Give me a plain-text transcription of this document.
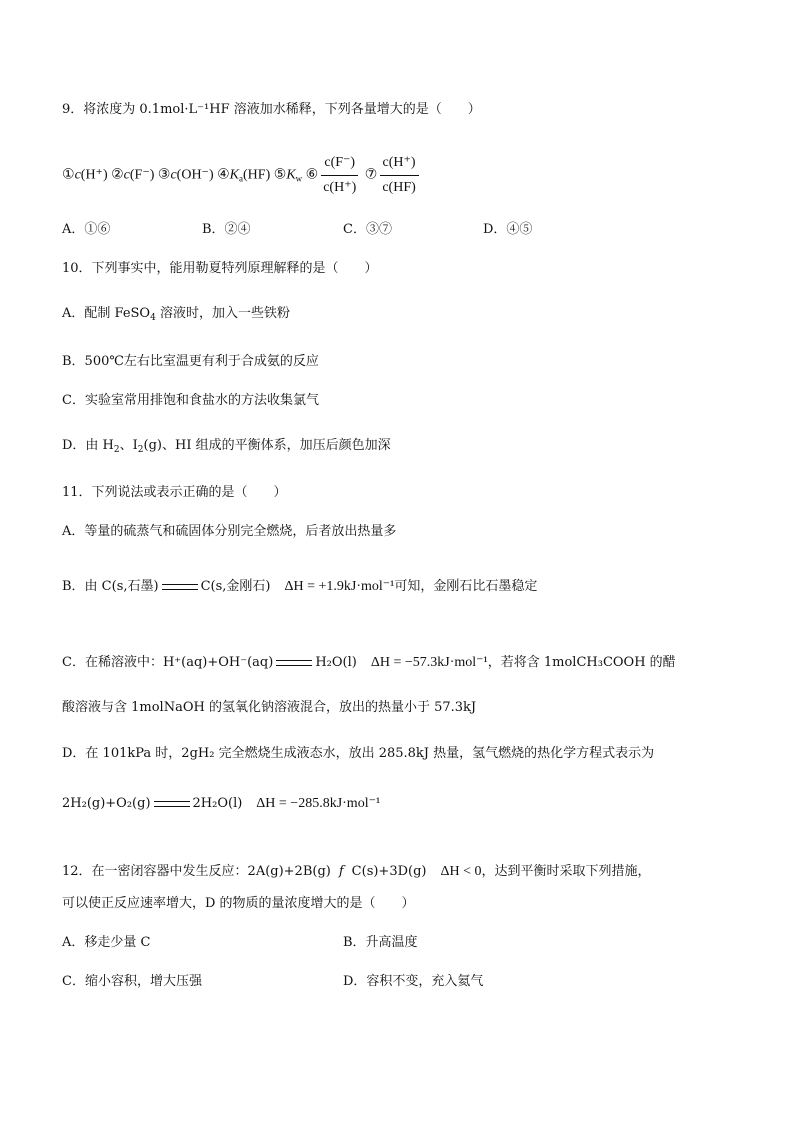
9．将浓度为 0.1mol·L⁻¹HF 溶液加水稀释，下列各量增大的是（　　）
①c(H⁺) ②c(F⁻) ③c(OH⁻) $④K_a(HF)$ $⑤K_w$ ⑥ $\frac{c(F^-)}{c(H^+)}$ ⑦ $\frac{c(H^+)}{c(HF)}$
A．①⑥	B．②④	C．③⑦	D．④⑤
10．下列事实中，能用勒夏特列原理解释的是（　　）
A．配制 FeSO$_4$ 溶液时，加入一些铁粉
B．500℃左右比室温更有利于合成氨的反应
C．实验室常用排饱和食盐水的方法收集氯气
D．由 $H_2$、$I_2(g)$、HI 组成的平衡体系，加压后颜色加深
11．下列说法或表示正确的是（　　）
A．等量的硫蒸气和硫固体分别完全燃烧，后者放出热量多
B．由 C(s,石墨)	C(s,金刚石) ΔH = +1.9kJ·mol⁻¹可知，金刚石比石墨稳定
C．在稀溶液中：H⁺(aq)+OH⁻(aq)	H₂O(l) ΔH = −57.3kJ·mol⁻¹，若将含 1molCH₃COOH 的醋
酸溶液与含 1molNaOH 的氢氧化钠溶液混合，放出的热量小于 57.3kJ
D．在 101kPa 时，2gH₂ 完全燃烧生成液态水，放出 285.8kJ 热量，氢气燃烧的热化学方程式表示为
2H₂(g)+O₂(g)	2H₂O(l) ΔH = −285.8kJ·mol⁻¹
12．在一密闭容器中发生反应：2A(g)+2B(g) f C(s)+3D(g) ΔH < 0，达到平衡时采取下列措施，
可以使正反应速率增大，D 的物质的量浓度增大的是（　　）
A．移走少量 C	B．升高温度
C．缩小容积，增大压强	D．容积不变，充入氦气
